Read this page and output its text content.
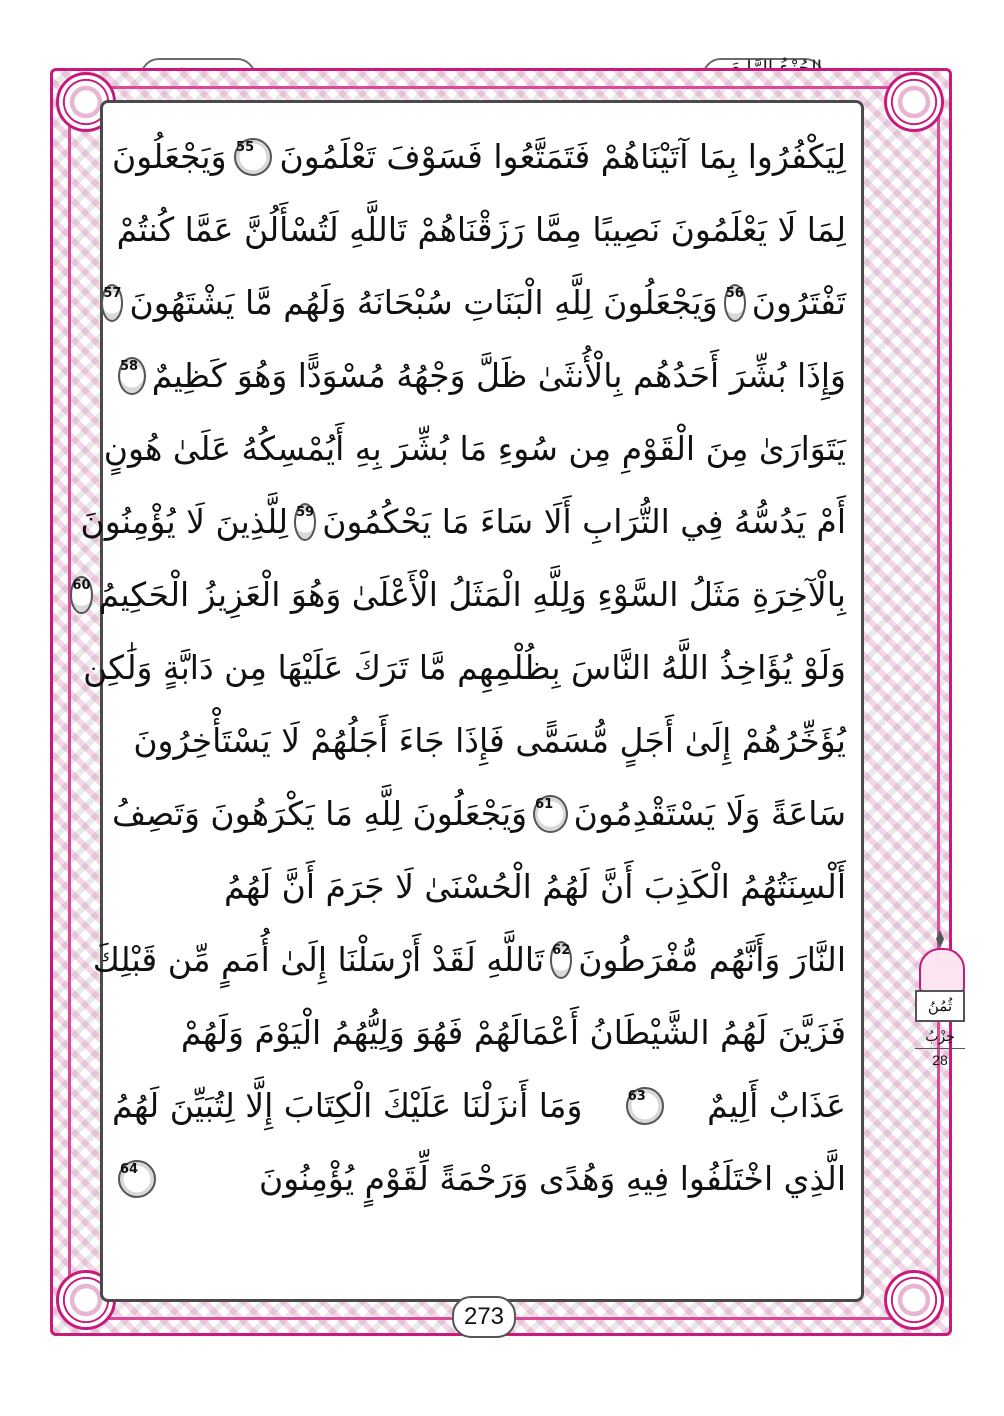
لِيَكْفُرُوا بِمَا آتَيْنَاهُمْ فَتَمَتَّعُوا فَسَوْفَ تَعْلَمُونَ
55
وَيَجْعَلُونَ
لِمَا لَا يَعْلَمُونَ نَصِيبًا مِمَّا رَزَقْنَاهُمْ تَاللَّهِ لَتُسْأَلُنَّ عَمَّا كُنتُمْ
تَفْتَرُونَ
56
وَيَجْعَلُونَ لِلَّهِ الْبَنَاتِ سُبْحَانَهُ وَلَهُم مَّا يَشْتَهُونَ
57
وَإِذَا بُشِّرَ أَحَدُهُم بِالْأُنثَىٰ ظَلَّ وَجْهُهُ مُسْوَدًّا وَهُوَ كَظِيمٌ
58
يَتَوَارَىٰ مِنَ الْقَوْمِ مِن سُوءِ مَا بُشِّرَ بِهِ أَيُمْسِكُهُ عَلَىٰ هُونٍ
أَمْ يَدُسُّهُ فِي التُّرَابِ أَلَا سَاءَ مَا يَحْكُمُونَ
59
لِلَّذِينَ لَا يُؤْمِنُونَ
بِالْآخِرَةِ مَثَلُ السَّوْءِ وَلِلَّهِ الْمَثَلُ الْأَعْلَىٰ وَهُوَ الْعَزِيزُ الْحَكِيمُ
60
وَلَوْ يُؤَاخِذُ اللَّهُ النَّاسَ بِظُلْمِهِم مَّا تَرَكَ عَلَيْهَا مِن دَابَّةٍ وَلَٰكِن
يُؤَخِّرُهُمْ إِلَىٰ أَجَلٍ مُّسَمًّى فَإِذَا جَاءَ أَجَلُهُمْ لَا يَسْتَأْخِرُونَ
سَاعَةً وَلَا يَسْتَقْدِمُونَ
61
وَيَجْعَلُونَ لِلَّهِ مَا يَكْرَهُونَ وَتَصِفُ
أَلْسِنَتُهُمُ الْكَذِبَ أَنَّ لَهُمُ الْحُسْنَىٰ لَا جَرَمَ أَنَّ لَهُمُ
النَّارَ وَأَنَّهُم مُّفْرَطُونَ
62
تَاللَّهِ لَقَدْ أَرْسَلْنَا إِلَىٰ أُمَمٍ مِّن قَبْلِكَ
فَزَيَّنَ لَهُمُ الشَّيْطَانُ أَعْمَالَهُمْ فَهُوَ وَلِيُّهُمُ الْيَوْمَ وَلَهُمْ
عَذَابٌ أَلِيمٌ
63
وَمَا أَنزَلْنَا عَلَيْكَ الْكِتَابَ إِلَّا لِتُبَيِّنَ لَهُمُ
الَّذِي اخْتَلَفُوا فِيهِ وَهُدًى وَرَحْمَةً لِّقَوْمٍ يُؤْمِنُونَ
64
273
ثُمُنُ
حِزْبُ
28
